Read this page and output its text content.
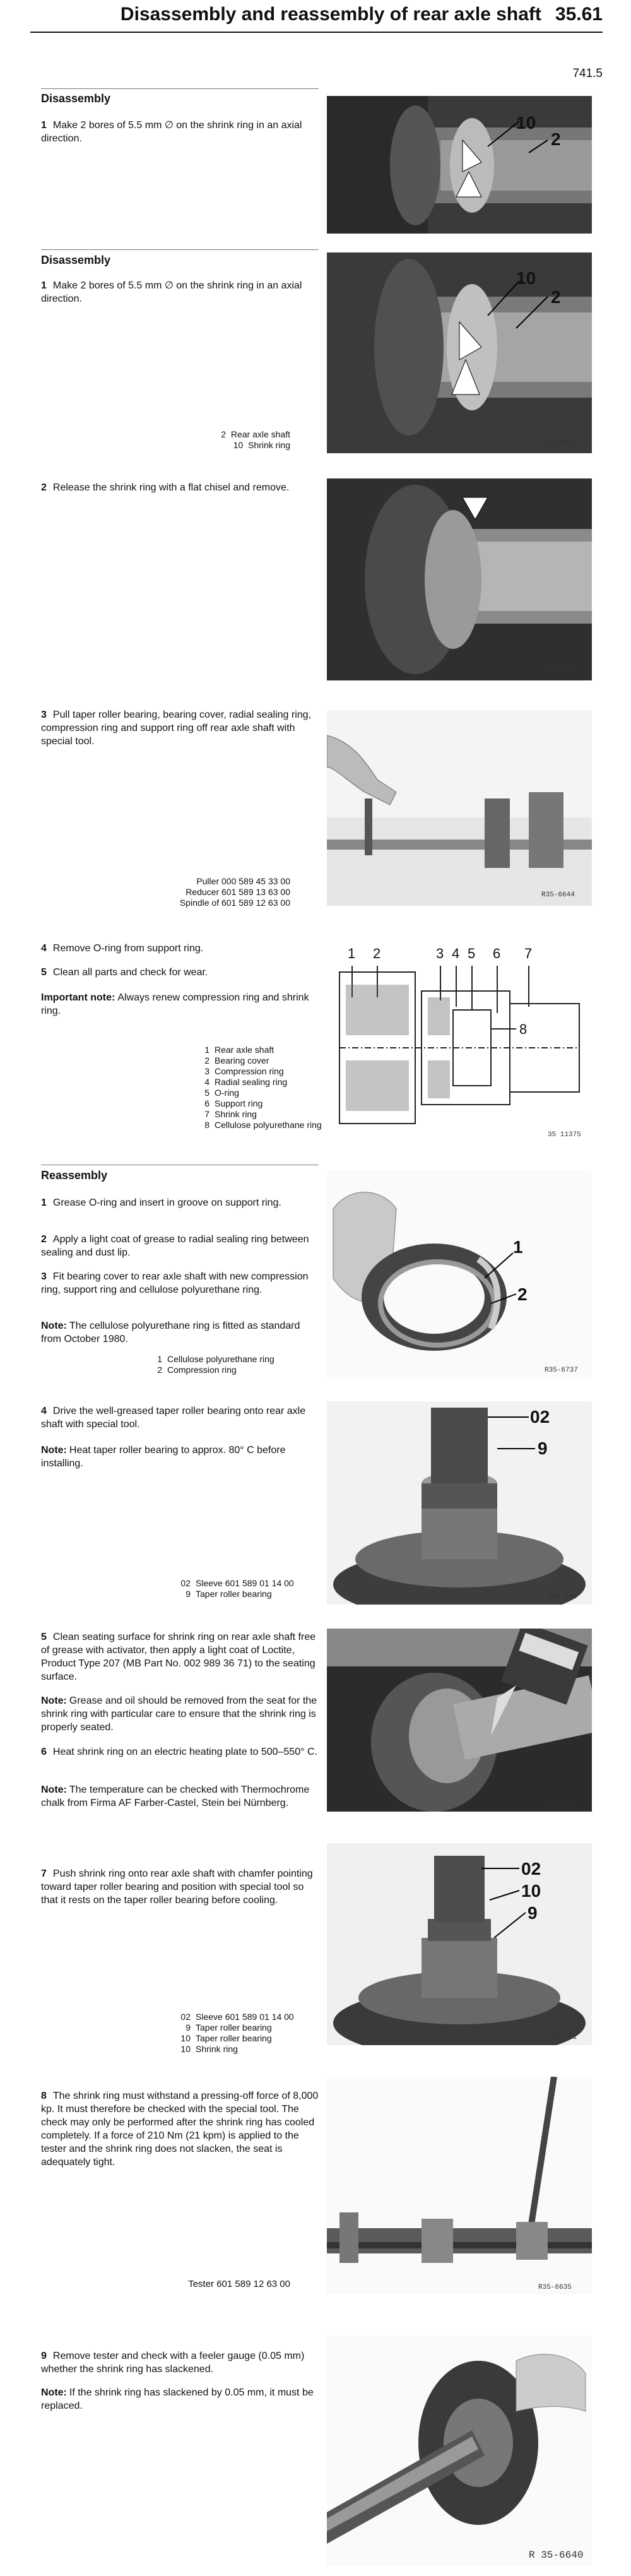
Disassembly and reassembly of rear axle shaft 35.61
741.5
Disassembly

1 Make 2 bores of 5.5 mm ∅ on the shrink ring in an axial direction.

10
2
Disassembly

1 Make 2 bores of 5.5 mm ∅ on the shrink ring in an axial direction.

2 Rear axle shaft
10 Shrink ring
10
2
235-560

2 Release the shrink ring with a flat chisel and remove.

235-500

3 Pull taper roller bearing, bearing cover, radial sealing ring, compression ring and support ring off rear axle shaft with special tool.

Puller 000 589 45 33 00
Reducer 601 589 13 63 00
Spindle of 601 589 12 63 00
R35-6644

4 Remove O-ring from support ring.

5 Clean all parts and check for wear.

Important note: Always renew compression ring and shrink ring.

1 Rear axle shaft
2 Bearing cover
3 Compression ring
4 Radial sealing ring
5 O-ring
6 Support ring
7 Shrink ring
8 Cellulose polyurethane ring
1 2	3 4 5 6 7
8
35 11375
Reassembly

1 Grease O-ring and insert in groove on support ring.

2 Apply a light coat of grease to radial sealing ring between sealing and dust lip.

3 Fit bearing cover to rear axle shaft with new compression ring, support ring and cellulose polyurethane ring.

Note: The cellulose polyurethane ring is fitted as standard from October 1980.

1 Cellulose polyurethane ring
2 Compression ring
1
2
R35-6737

4 Drive the well-greased taper roller bearing onto rear axle shaft with special tool.

Note: Heat taper roller bearing to approx. 80° C before installing.

02 Sleeve 601 589 01 14 00
9 Taper roller bearing
02
9
235-501

5 Clean seating surface for shrink ring on rear axle shaft free of grease with activator, then apply a light coat of Loctite, Product Type 207 (MB Part No. 002 989 36 71) to the seating surface.

Note: Grease and oil should be removed from the seat for the shrink ring with particular care to ensure that the shrink ring is properly seated.

6 Heat shrink ring on an electric heating plate to 500–550° C.

Note: The temperature can be checked with Thermochrome chalk from Firma AF Farber-Castel, Stein bei Nürnberg.	235-505

7 Push shrink ring onto rear axle shaft with chamfer pointing toward taper roller bearing and position with special tool so that it rests on the taper roller bearing before cooling.

02 Sleeve 601 589 01 14 00
9 Taper roller bearing
10 Taper roller bearing
10 Shrink ring
02
10
9
235-361

8 The shrink ring must withstand a pressing-off force of 8,000 kp. It must therefore be checked with the special tool. The check may only be performed after the shrink ring has cooled completely. If a force of 210 Nm (21 kpm) is applied to the tester and the shrink ring does not slacken, the seat is adequately tight.

Tester 601 589 12 63 00	R35-6635

9 Remove tester and check with a feeler gauge (0.05 mm) whether the shrink ring has slackened.

Note: If the shrink ring has slackened by 0.05 mm, it must be replaced.

R 35-6640
